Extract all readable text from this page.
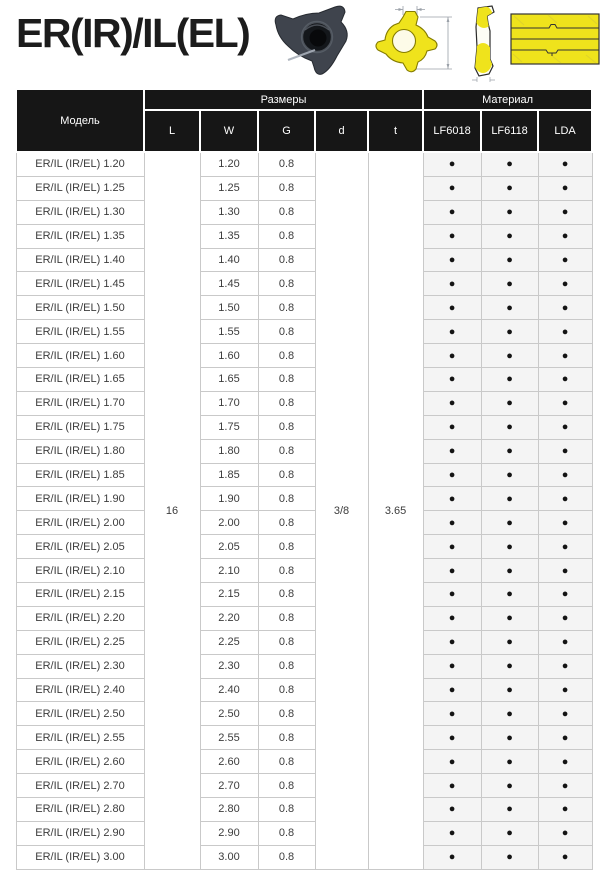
ER(IR)/IL(EL)
Модель	Размеры					Материал		
	L	W	G	d	t	LF6018	LF6118	LDA
ER/IL (IR/EL) 1.20	16	1.20	0.8	3/8	3.65	●	●	●
ER/IL (IR/EL) 1.25		1.25	0.8			●	●	●
ER/IL (IR/EL) 1.30		1.30	0.8			●	●	●
ER/IL (IR/EL) 1.35		1.35	0.8			●	●	●
ER/IL (IR/EL) 1.40		1.40	0.8			●	●	●
ER/IL (IR/EL) 1.45		1.45	0.8			●	●	●
ER/IL (IR/EL) 1.50		1.50	0.8			●	●	●
ER/IL (IR/EL) 1.55		1.55	0.8			●	●	●
ER/IL (IR/EL) 1.60		1.60	0.8			●	●	●
ER/IL (IR/EL) 1.65		1.65	0.8			●	●	●
ER/IL (IR/EL) 1.70		1.70	0.8			●	●	●
ER/IL (IR/EL) 1.75		1.75	0.8			●	●	●
ER/IL (IR/EL) 1.80		1.80	0.8			●	●	●
ER/IL (IR/EL) 1.85		1.85	0.8			●	●	●
ER/IL (IR/EL) 1.90		1.90	0.8			●	●	●
ER/IL (IR/EL) 2.00		2.00	0.8			●	●	●
ER/IL (IR/EL) 2.05		2.05	0.8			●	●	●
ER/IL (IR/EL) 2.10		2.10	0.8			●	●	●
ER/IL (IR/EL) 2.15		2.15	0.8			●	●	●
ER/IL (IR/EL) 2.20		2.20	0.8			●	●	●
ER/IL (IR/EL) 2.25		2.25	0.8			●	●	●
ER/IL (IR/EL) 2.30		2.30	0.8			●	●	●
ER/IL (IR/EL) 2.40		2.40	0.8			●	●	●
ER/IL (IR/EL) 2.50		2.50	0.8			●	●	●
ER/IL (IR/EL) 2.55		2.55	0.8			●	●	●
ER/IL (IR/EL) 2.60		2.60	0.8			●	●	●
ER/IL (IR/EL) 2.70		2.70	0.8			●	●	●
ER/IL (IR/EL) 2.80		2.80	0.8			●	●	●
ER/IL (IR/EL) 2.90		2.90	0.8			●	●	●
ER/IL (IR/EL) 3.00		3.00	0.8			●	●	●
